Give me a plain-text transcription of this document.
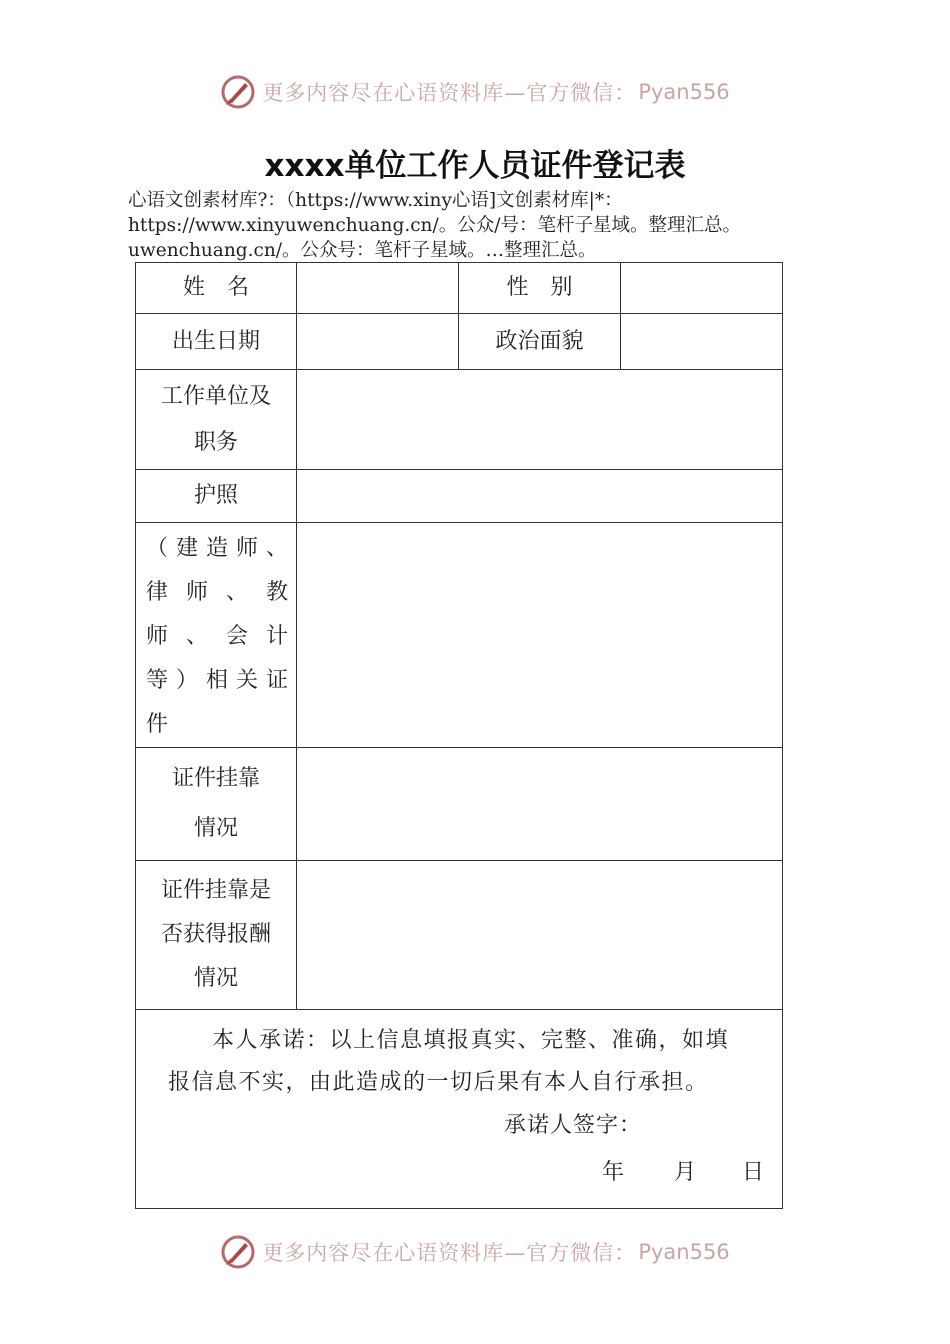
更多内容尽在心语资料库—官方微信： Pyan556
xxxx单位工作人员证件登记表
心语文创素材库?：（https://www.xiny心语]文创素材库|*：
https://www.xinyuwenchuang.cn/。公众/号：笔杆子星域。整理汇总。
uwenchuang.cn/。公众号：笔杆子星域。…整理汇总。
姓名		性别	
出生日期		政治面貌	

工作单位及
职务			

护照			

（建造师、
律师、教
师、会计
等）相关证
件			

证件挂靠
情况			

证件挂靠是
否获得报酬
情况			

本人承诺：以上信息填报真实、完整、准确，如填
报信息不实，由此造成的一切后果有本人自行承担。
承诺人签字：
年 月 日			
更多内容尽在心语资料库—官方微信： Pyan556
